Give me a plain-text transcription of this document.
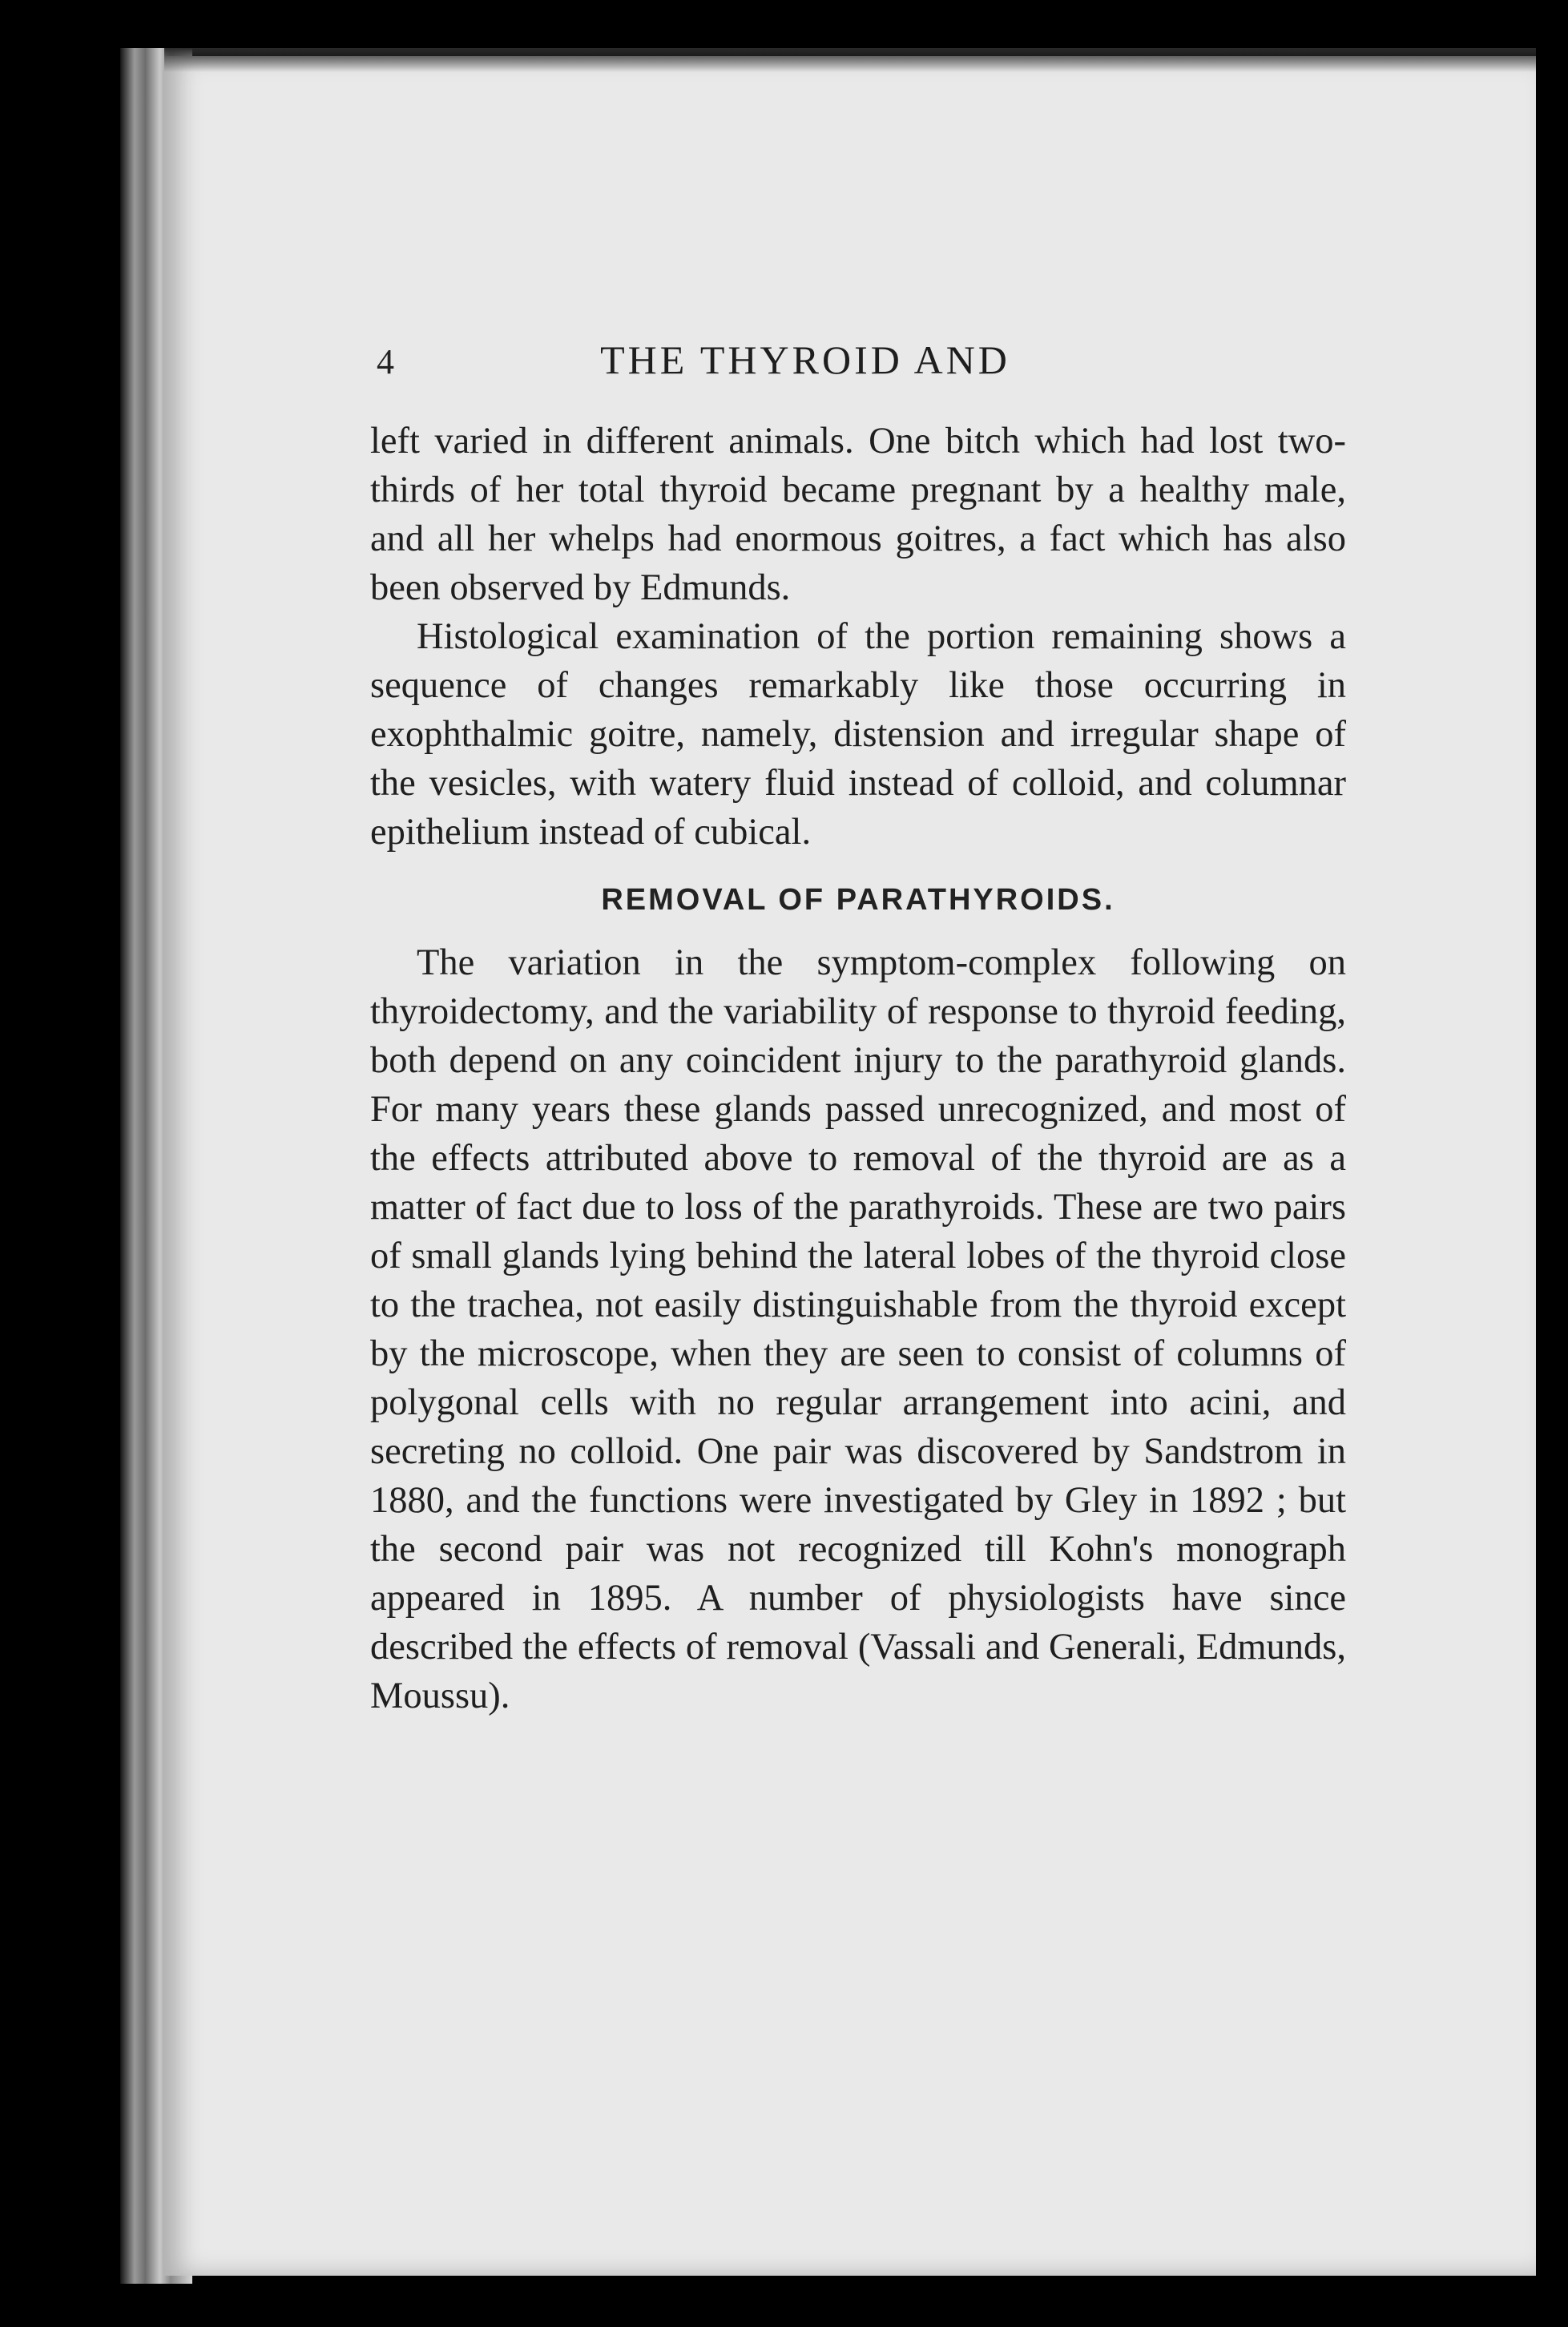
4	THE THYROID AND

left varied in different animals. One bitch which had lost two-thirds of her total thyroid became pregnant by a healthy male, and all her whelps had enormous goitres, a fact which has also been observed by Edmunds.

Histological examination of the portion remaining shows a sequence of changes remarkably like those occurring in exophthalmic goitre, namely, distension and irregular shape of the vesicles, with watery fluid instead of colloid, and columnar epithelium instead of cubical.

REMOVAL OF PARATHYROIDS.

The variation in the symptom-complex following on thyroidectomy, and the variability of response to thyroid feeding, both depend on any coincident injury to the parathyroid glands. For many years these glands passed unrecognized, and most of the effects attributed above to removal of the thyroid are as a matter of fact due to loss of the parathyroids. These are two pairs of small glands lying behind the lateral lobes of the thyroid close to the trachea, not easily distinguishable from the thyroid except by the microscope, when they are seen to consist of columns of polygonal cells with no regular arrangement into acini, and secreting no colloid. One pair was discovered by Sandstrom in 1880, and the functions were investigated by Gley in 1892 ; but the second pair was not recognized till Kohn's monograph appeared in 1895. A number of physiologists have since described the effects of removal (Vassali and Generali, Edmunds, Moussu).
